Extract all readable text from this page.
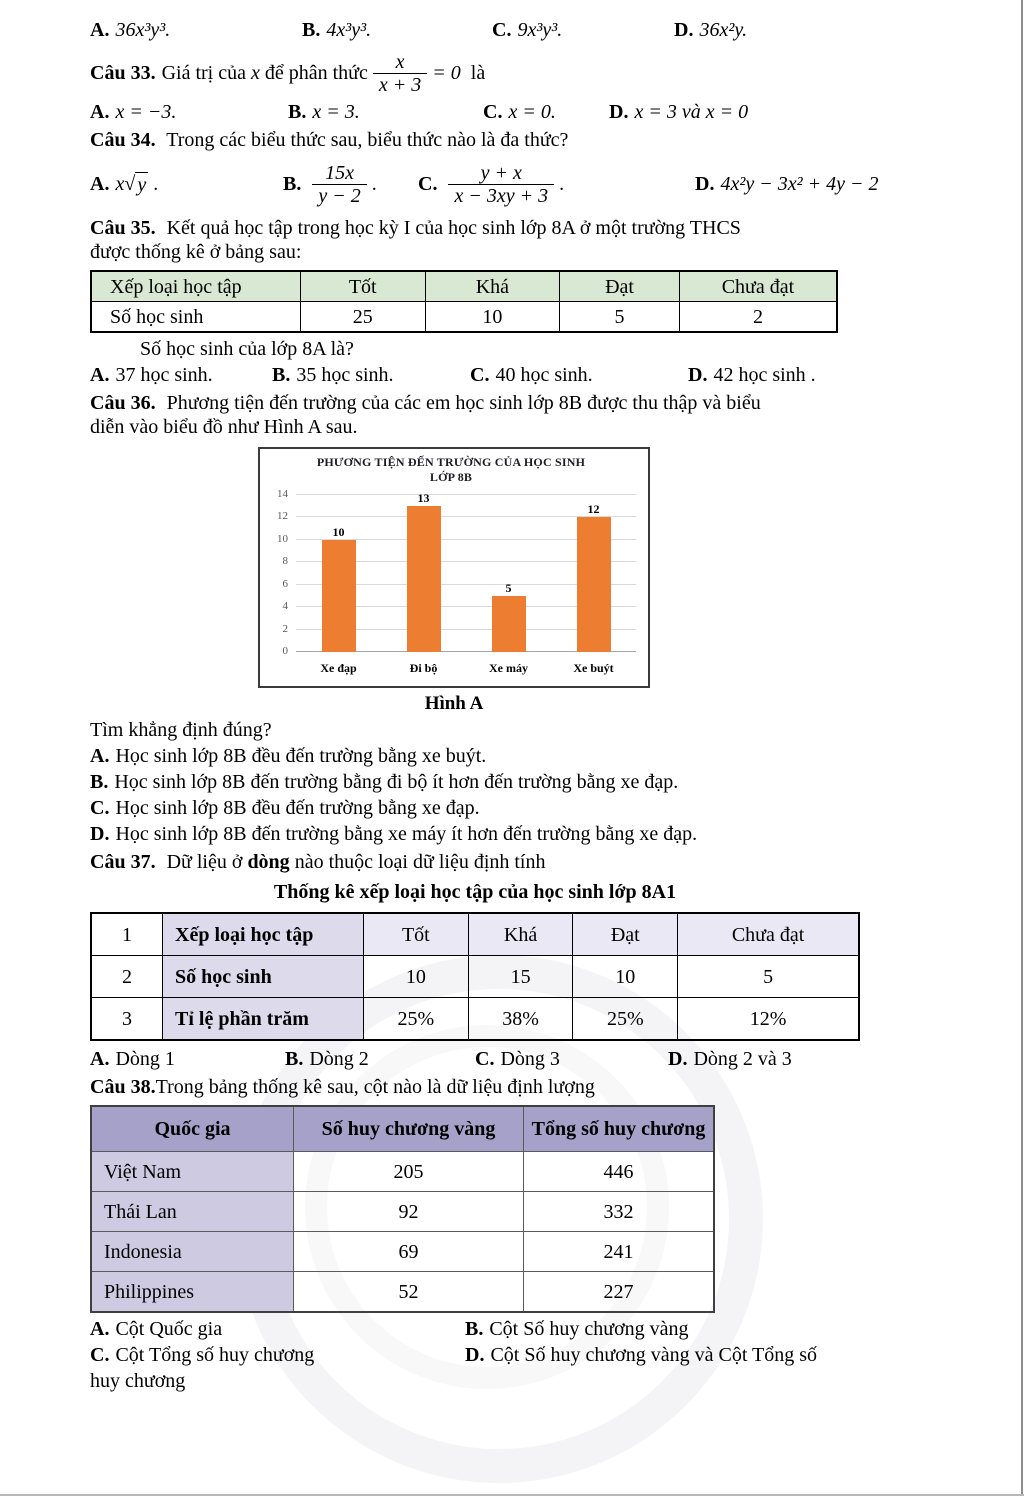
A. 36x³y³.	B. 4x³y³.	C. 9x³y³.	D. 36x²y.
Câu 33. Giá trị của
x
để phân thức $\frac{x}{x + 3} = 0$
là
A. x = −3.	B. x = 3.	C. x = 0.	D. x = 3 và x = 0
Câu 34. Trong các biểu thức sau, biểu thức nào là đa thức?
A. x √ y
.	B. $\frac{15x}{y - 2}$ . C. $\frac{y + x}{x - 3xy + 3}$ .	D. 4x²y − 3x² + 4y − 2
Câu 35. Kết quả học tập trong học kỳ I của học sinh lớp 8A ở một trường THCS
được thống kê ở bảng sau:
Xếp loại học tập	Tốt	Khá	Đạt	Chưa đạt
Số học sinh	25	10	5	2
Số học sinh của lớp 8A là?
A. 37 học sinh.	B. 35 học sinh.	C. 40 học sinh.	D. 42 học sinh .
Câu 36. Phương tiện đến trường của các em học sinh lớp 8B được thu thập và biểu
diễn vào biểu đồ như Hình A sau.
PHƯƠNG TIỆN ĐẾN TRƯỜNG CỦA HỌC SINH
LỚP 8B
0
2
4
6
8
10
12
14
10
13
5
12
Xe đạp	Đi bộ	Xe máy	Xe buýt
Hình A
Tìm khẳng định đúng?
A. Học sinh lớp 8B đều đến trường bằng xe buýt.
B. Học sinh lớp 8B đến trường bằng đi bộ ít hơn đến trường bằng xe đạp.
C. Học sinh lớp 8B đều đến trường bằng xe đạp.
D. Học sinh lớp 8B đến trường bằng xe máy ít hơn đến trường bằng xe đạp.
Câu 37. Dữ liệu ở dòng nào thuộc loại dữ liệu định tính
Thống kê xếp loại học tập của học sinh lớp 8A1
1	Xếp loại học tập	Tốt	Khá	Đạt	Chưa đạt
2	Số học sinh	10	15	10	5
3	Tỉ lệ phần trăm	25%	38%	25%	12%
A. Dòng 1	B. Dòng 2	C. Dòng 3	D. Dòng 2 và 3
Câu 38.Trong bảng thống kê sau, cột nào là dữ liệu định lượng
Quốc gia	Số huy chương vàng	Tổng số huy chương
Việt Nam	205	446
Thái Lan	92	332
Indonesia	69	241
Philippines	52	227
A. Cột Quốc gia	B. Cột Số huy chương vàng
C. Cột Tổng số huy chương	D. Cột Số huy chương vàng và Cột Tổng số
huy chương
